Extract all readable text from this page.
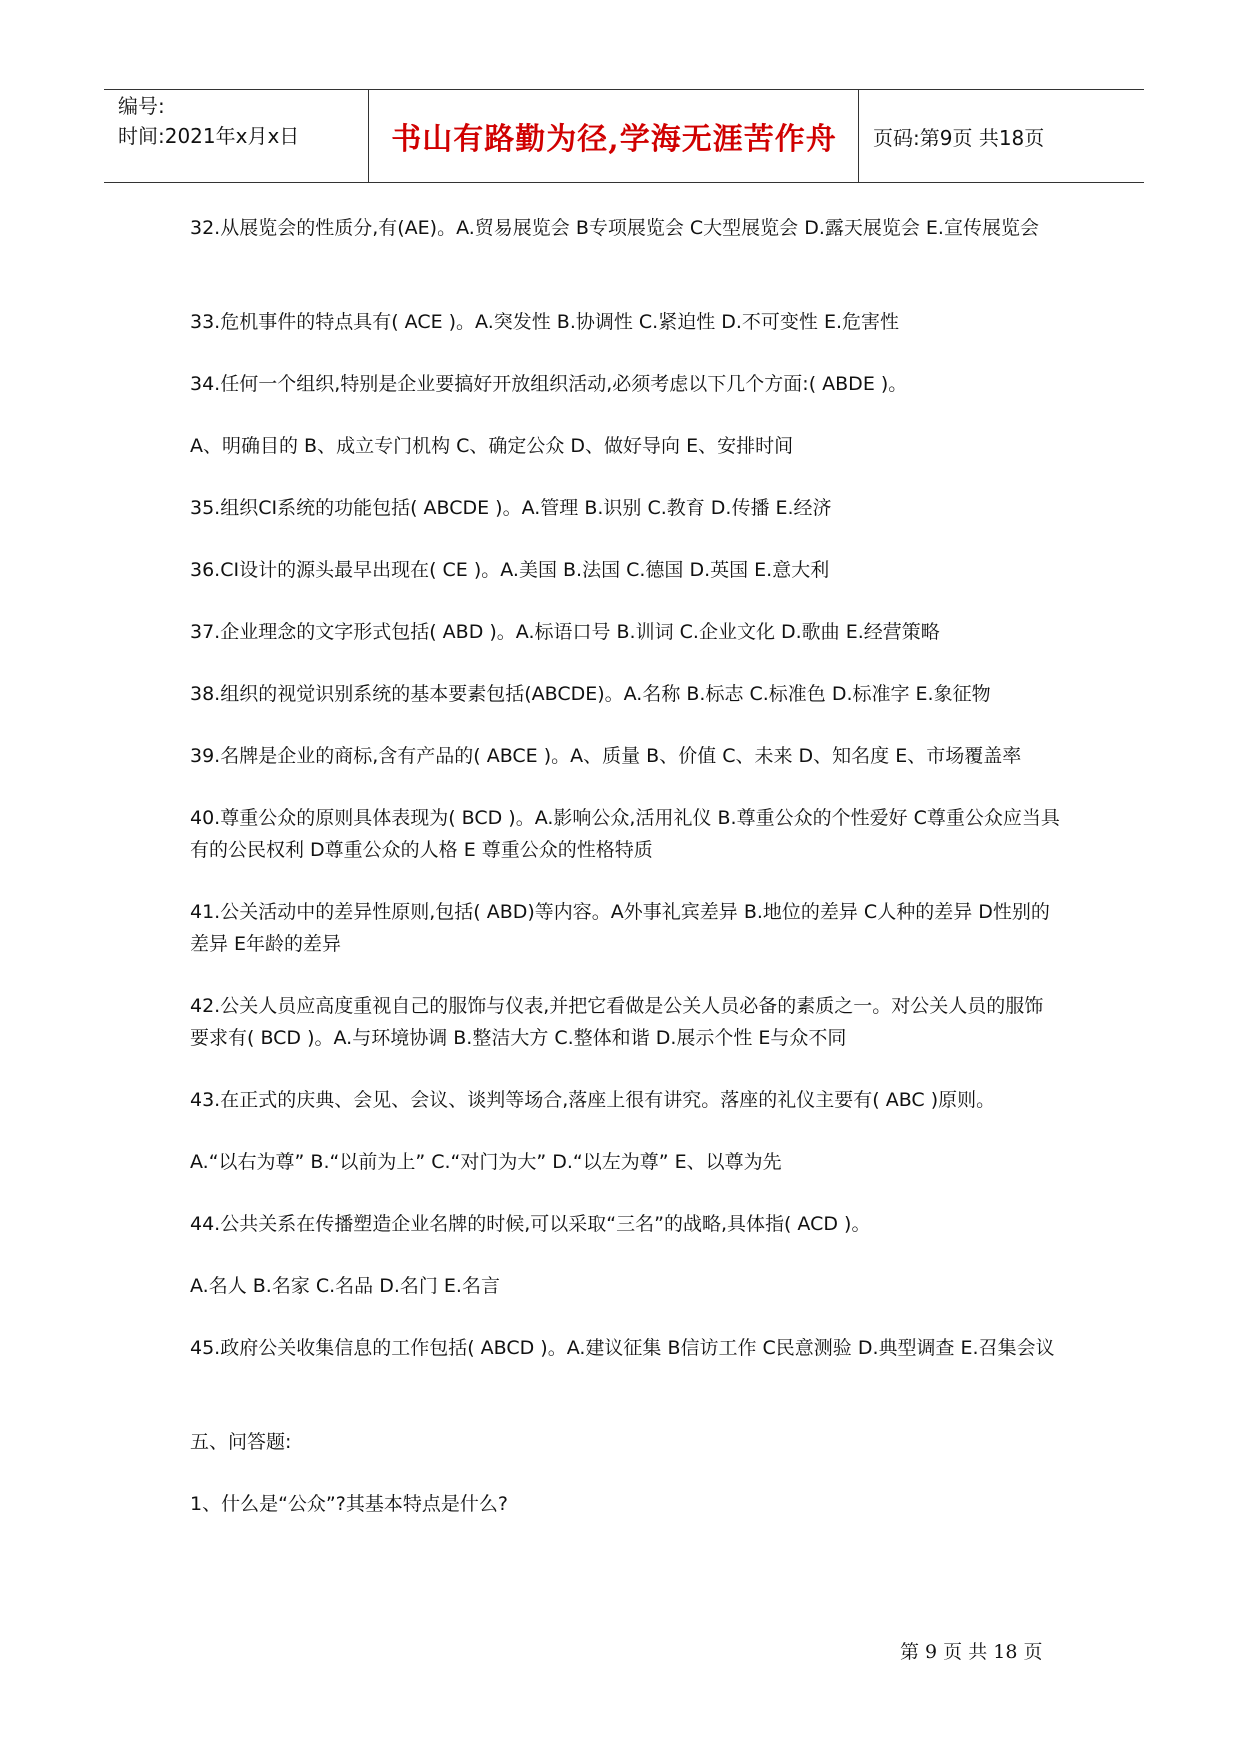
编号:
时间:2021年x月x日	书山有路勤为径,学海无涯苦作舟	页码:第9页 共18页
32.从展览会的性质分,有(AE)。A.贸易展览会 B专项展览会 C大型展览会 D.露天展览会 E.宣传展览会
33.危机事件的特点具有( ACE )。A.突发性 B.协调性 C.紧迫性 D.不可变性 E.危害性
34.任何一个组织,特别是企业要搞好开放组织活动,必须考虑以下几个方面:( ABDE )。
A、明确目的 B、成立专门机构 C、确定公众 D、做好导向 E、安排时间
35.组织CI系统的功能包括( ABCDE )。A.管理 B.识别 C.教育 D.传播 E.经济
36.CI设计的源头最早出现在( CE )。A.美国 B.法国 C.德国 D.英国 E.意大利
37.企业理念的文字形式包括( ABD )。A.标语口号 B.训词 C.企业文化 D.歌曲 E.经营策略
38.组织的视觉识别系统的基本要素包括(ABCDE)。A.名称 B.标志 C.标准色 D.标准字 E.象征物
39.名牌是企业的商标,含有产品的( ABCE )。A、质量 B、价值 C、未来 D、知名度 E、市场覆盖率
40.尊重公众的原则具体表现为( BCD )。A.影响公众,活用礼仪 B.尊重公众的个性爱好 C尊重公众应当具有的公民权利 D尊重公众的人格 E 尊重公众的性格特质
41.公关活动中的差异性原则,包括( ABD)等内容。A外事礼宾差异 B.地位的差异 C人种的差异 D性别的差异 E年龄的差异
42.公关人员应高度重视自己的服饰与仪表,并把它看做是公关人员必备的素质之一。对公关人员的服饰要求有( BCD )。A.与环境协调 B.整洁大方 C.整体和谐 D.展示个性 E与众不同
43.在正式的庆典、会见、会议、谈判等场合,落座上很有讲究。落座的礼仪主要有( ABC )原则。
A.“以右为尊” B.“以前为上” C.“对门为大” D.“以左为尊” E、以尊为先
44.公共关系在传播塑造企业名牌的时候,可以采取“三名”的战略,具体指( ACD )。
A.名人 B.名家 C.名品 D.名门 E.名言
45.政府公关收集信息的工作包括( ABCD )。A.建议征集 B信访工作 C民意测验 D.典型调查 E.召集会议
五、问答题:
1、什么是“公众”?其基本特点是什么?
第 9 页 共 18 页
